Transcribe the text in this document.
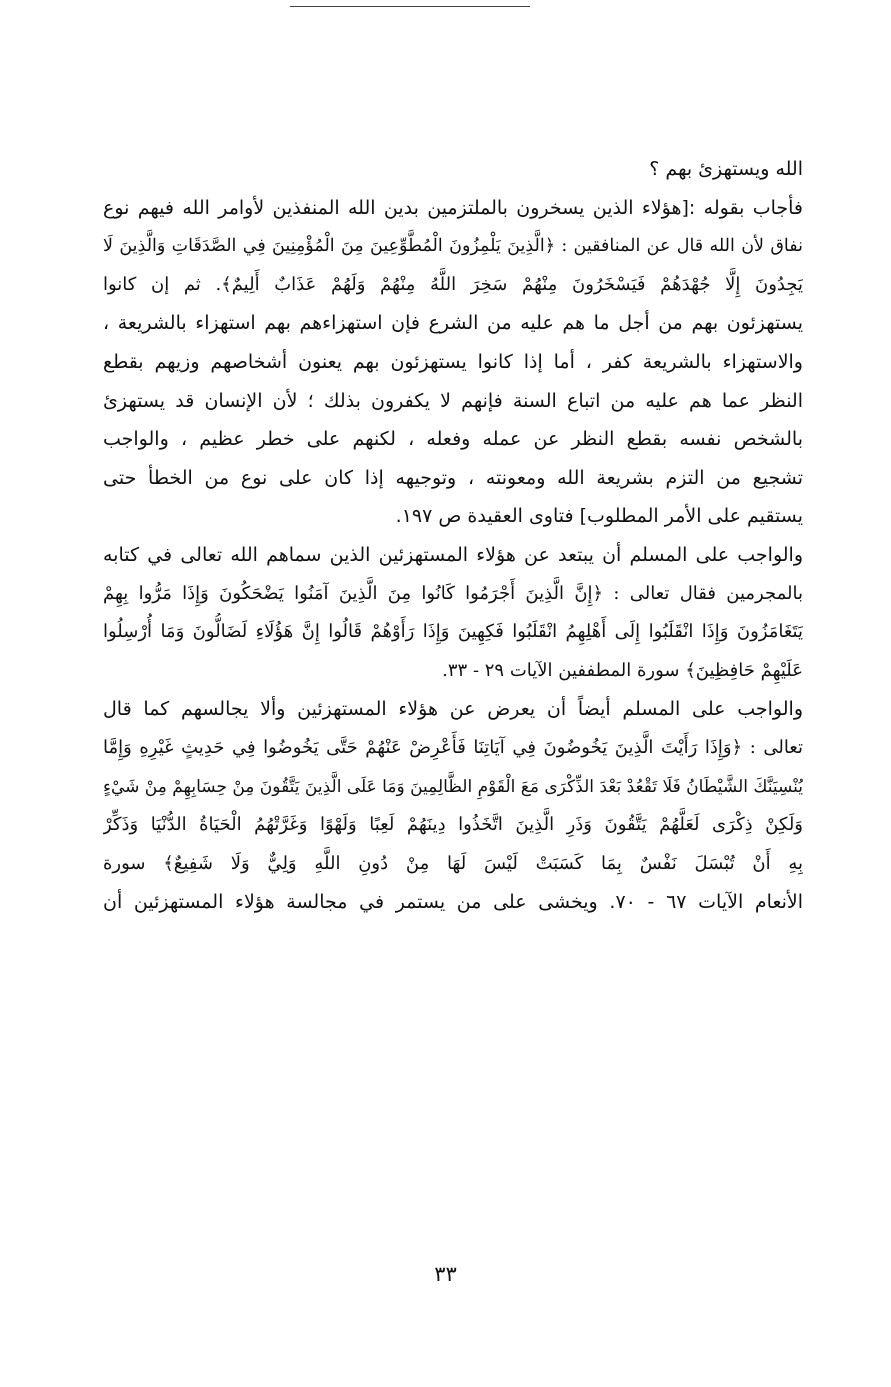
الله ويستهزئ بهم ؟
فأجاب بقوله :[هؤلاء الذين يسخرون بالملتزمين بدين الله المنفذين لأوامر الله فيهم نوع
نفاق لأن الله قال عن المنافقين : ﴿الَّذِينَ يَلْمِزُونَ الْمُطَّوِّعِينَ مِنَ الْمُؤْمِنِينَ فِي الصَّدَقَاتِ وَالَّذِينَ لَا
يَجِدُونَ إِلَّا جُهْدَهُمْ فَيَسْخَرُونَ مِنْهُمْ سَخِرَ اللَّهُ مِنْهُمْ وَلَهُمْ عَذَابٌ أَلِيمٌ﴾. ثم إن كانوا
يستهزئون بهم من أجل ما هم عليه من الشرع فإن استهزاءهم بهم استهزاء بالشريعة ،
والاستهزاء بالشريعة كفر ، أما إذا كانوا يستهزئون بهم يعنون أشخاصهم وزيهم بقطع
النظر عما هم عليه من اتباع السنة فإنهم لا يكفرون بذلك ؛ لأن الإنسان قد يستهزئ
بالشخص نفسه بقطع النظر عن عمله وفعله ، لكنهم على خطر عظيم ، والواجب
تشجيع من التزم بشريعة الله ومعونته ، وتوجيهه إذا كان على نوع من الخطأ حتى
يستقيم على الأمر المطلوب] فتاوى العقيدة ص ١٩٧.
والواجب على المسلم أن يبتعد عن هؤلاء المستهزئين الذين سماهم الله تعالى في كتابه
بالمجرمين فقال تعالى : ﴿إِنَّ الَّذِينَ أَجْرَمُوا كَانُوا مِنَ الَّذِينَ آمَنُوا يَضْحَكُونَ وَإِذَا مَرُّوا بِهِمْ
يَتَغَامَزُونَ وَإِذَا انْقَلَبُوا إِلَى أَهْلِهِمُ انْقَلَبُوا فَكِهِينَ وَإِذَا رَأَوْهُمْ قَالُوا إِنَّ هَؤُلَاءِ لَضَالُّونَ وَمَا أُرْسِلُوا
عَلَيْهِمْ حَافِظِينَ﴾ سورة المطففين الآيات ٢٩ - ٣٣.
والواجب على المسلم أيضاً أن يعرض عن هؤلاء المستهزئين وألا يجالسهم كما قال
تعالى : ﴿وَإِذَا رَأَيْتَ الَّذِينَ يَخُوضُونَ فِي آيَاتِنَا فَأَعْرِضْ عَنْهُمْ حَتَّى يَخُوضُوا فِي حَدِيثٍ غَيْرِهِ وَإِمَّا
يُنْسِيَنَّكَ الشَّيْطَانُ فَلَا تَقْعُدْ بَعْدَ الذِّكْرَى مَعَ الْقَوْمِ الظَّالِمِينَ وَمَا عَلَى الَّذِينَ يَتَّقُونَ مِنْ حِسَابِهِمْ مِنْ شَيْءٍ
وَلَكِنْ ذِكْرَى لَعَلَّهُمْ يَتَّقُونَ وَذَرِ الَّذِينَ اتَّخَذُوا دِينَهُمْ لَعِبًا وَلَهْوًا وَغَرَّتْهُمُ الْحَيَاةُ الدُّنْيَا وَذَكِّرْ
بِهِ أَنْ تُبْسَلَ نَفْسٌ بِمَا كَسَبَتْ لَيْسَ لَهَا مِنْ دُونِ اللَّهِ وَلِيٌّ وَلَا شَفِيعٌ﴾ سورة
الأنعام الآيات ٦٧ - ٧٠. ويخشى على من يستمر في مجالسة هؤلاء المستهزئين أن
٣٣
